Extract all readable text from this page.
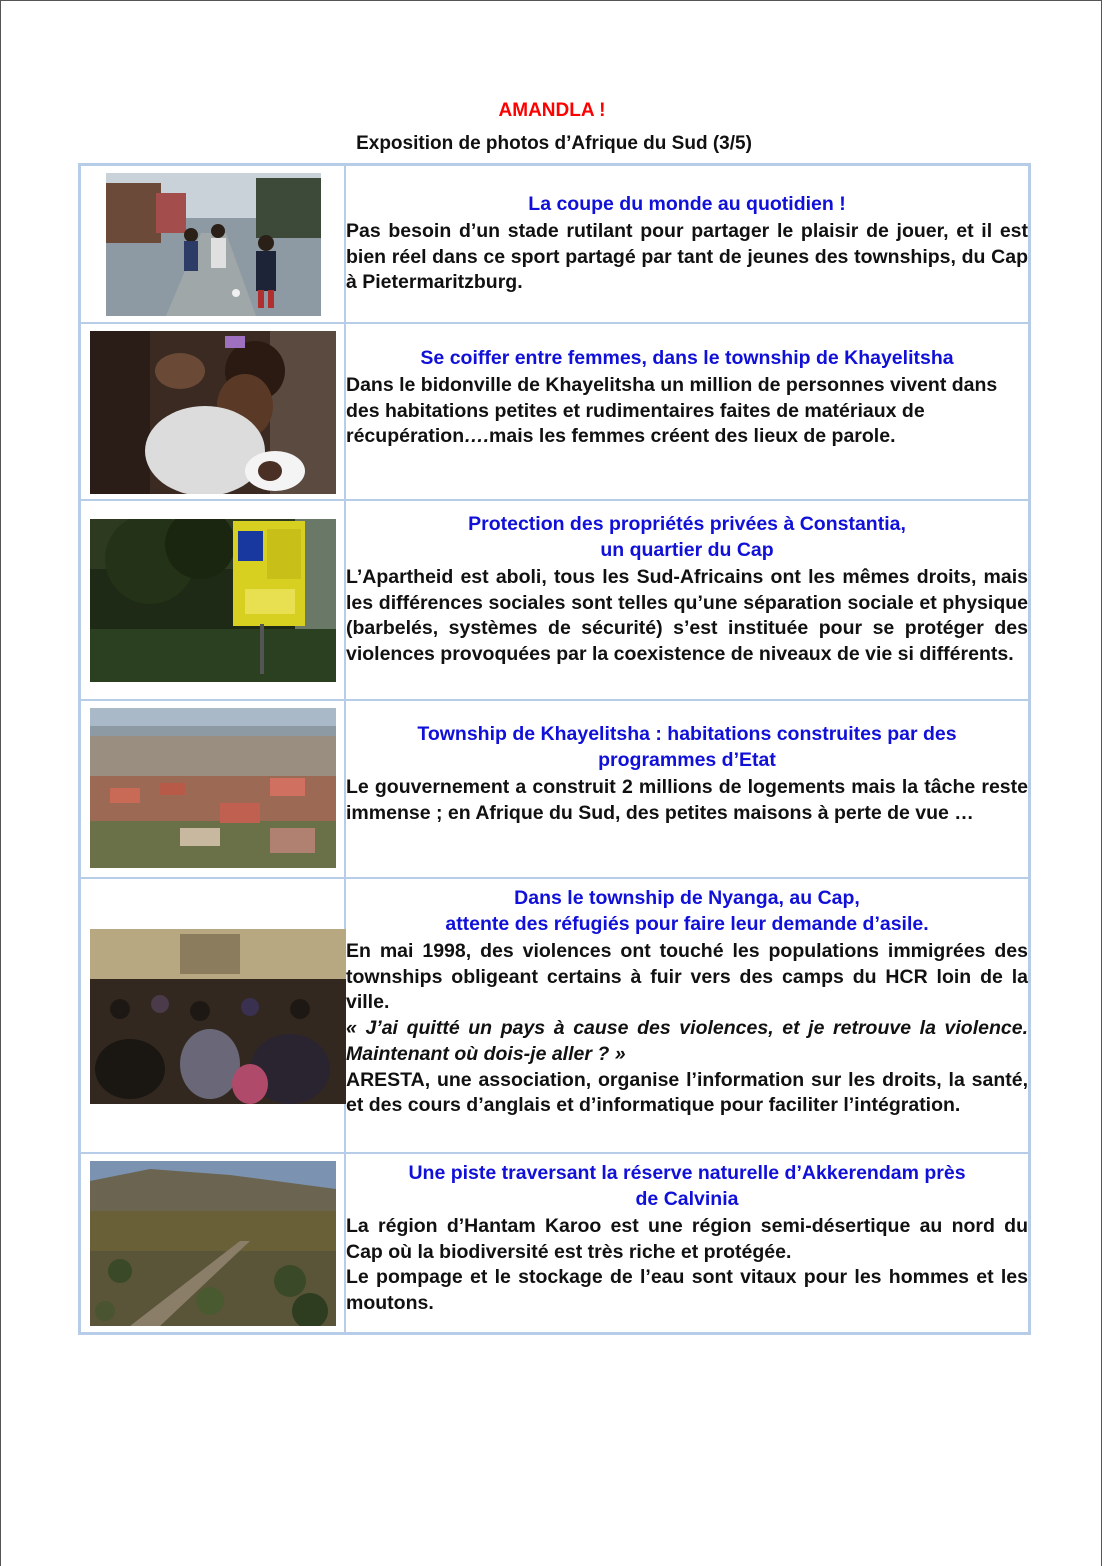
AMANDLA !
Exposition de photos d’Afrique du Sud (3/5)

La coupe du monde au quotidien !

Pas besoin d’un stade rutilant pour partager le plaisir de jouer, et il est bien réel dans ce sport partagé par tant de jeunes des townships, du Cap à Pietermaritzburg.

Se coiffer entre femmes, dans le township de Khayelitsha

Dans le bidonville de Khayelitsha un million de personnes vivent dans des habitations petites et rudimentaires faites de matériaux de récupération….mais les femmes créent des lieux de parole.

Protection des propriétés privées à Constantia,
un quartier du Cap

L’Apartheid est aboli, tous les Sud-Africains ont les mêmes droits, mais les différences sociales sont telles qu’une séparation sociale et physique (barbelés, systèmes de sécurité) s’est instituée pour se protéger des violences provoquées par la coexistence de niveaux de vie si différents.

Township de Khayelitsha : habitations construites par des
programmes d’Etat

Le gouvernement a construit 2 millions de logements mais la tâche reste immense ; en Afrique du Sud, des petites maisons à perte de vue …

Dans le township de Nyanga, au Cap,
attente des réfugiés pour faire leur demande d’asile.

En mai 1998, des violences ont touché les populations immigrées des townships obligeant certains à fuir vers des camps du HCR loin de la ville.

« J’ai quitté un pays à cause des violences, et je retrouve la violence. Maintenant où dois-je aller ? »

ARESTA, une association, organise l’information sur les droits, la santé, et des cours d’anglais et d’informatique pour faciliter l’intégration.

Une piste traversant la réserve naturelle d’Akkerendam près
de Calvinia

La région d’Hantam Karoo est une région semi-désertique au nord du Cap où la biodiversité est très riche et protégée.

Le pompage et le stockage de l’eau sont vitaux pour les hommes et les moutons.
